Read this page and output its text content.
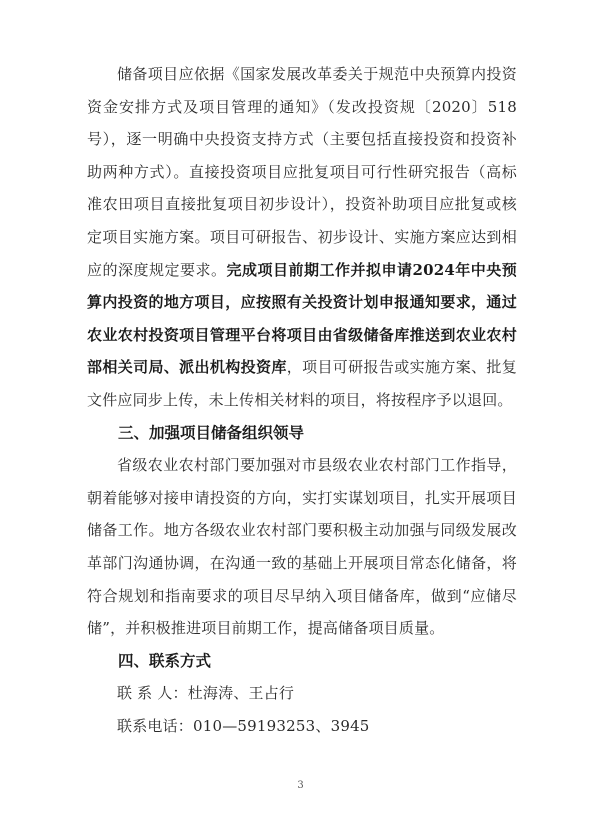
储备项目应依据《国家发展改革委关于规范中央预算内投资资金安排方式及项目管理的通知》（发改投资规〔2020〕518号），逐一明确中央投资支持方式（主要包括直接投资和投资补助两种方式）。直接投资项目应批复项目可行性研究报告（高标准农田项目直接批复项目初步设计），投资补助项目应批复或核定项目实施方案。项目可研报告、初步设计、实施方案应达到相应的深度规定要求。完成项目前期工作并拟申请2024年中央预算内投资的地方项目，应按照有关投资计划申报通知要求，通过农业农村投资项目管理平台将项目由省级储备库推送到农业农村部相关司局、派出机构投资库，项目可研报告或实施方案、批复文件应同步上传，未上传相关材料的项目，将按程序予以退回。

三、加强项目储备组织领导

省级农业农村部门要加强对市县级农业农村部门工作指导，朝着能够对接申请投资的方向，实打实谋划项目，扎实开展项目储备工作。地方各级农业农村部门要积极主动加强与同级发展改革部门沟通协调，在沟通一致的基础上开展项目常态化储备，将符合规划和指南要求的项目尽早纳入项目储备库，做到“应储尽储”，并积极推进项目前期工作，提高储备项目质量。

四、联系方式

联 系 人：杜海涛、王占行

联系电话：010—59193253、3945

3
